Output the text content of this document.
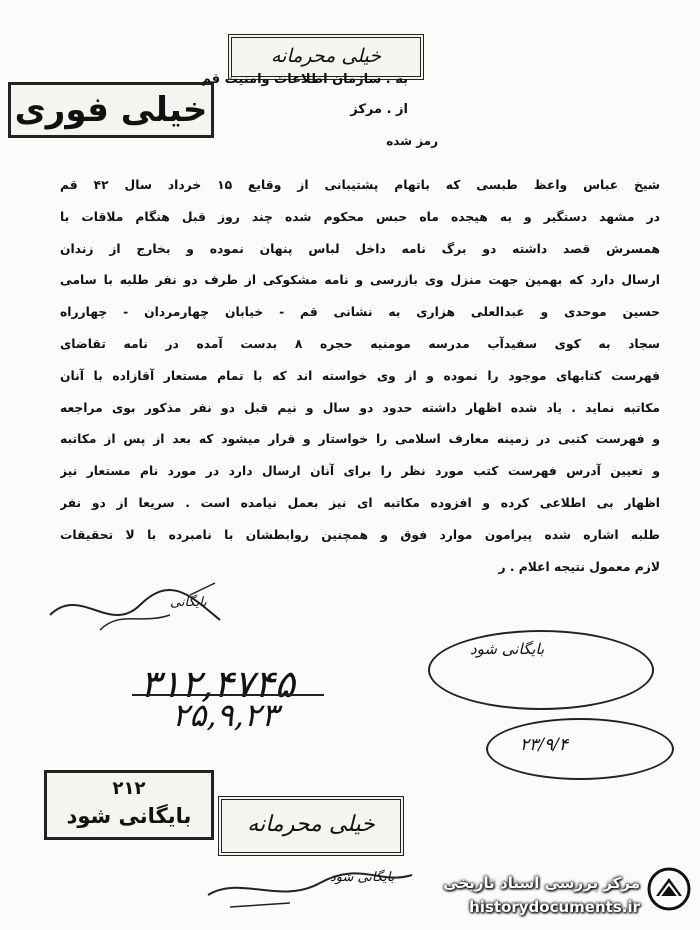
خیلی محرمانه
خیلی فوری
به . سازمان اطلاعات وامنیت قم
از . مرکز
رمز شده
شیخ عباس واعظ طبسی که باتهام پشتیبانی از وقایع ۱۵ خرداد سال ۴۲ قم
در مشهد دستگیر و به هیجده ماه حبس محکوم شده چند روز قبل هنگام ملاقات با
همسرش قصد داشته دو برگ نامه داخل لباس پنهان نموده و بخارج از زندان
ارسال دارد که بهمین جهت منزل وی بازرسی و نامه مشکوکی از طرف دو نفر طلبه با سامی
حسین موحدی و عبدالعلی هزاری به نشانی قم - خیابان چهارمردان - چهارراه
سجاد به کوی سفیدآب مدرسه مومنیه حجره ۸ بدست آمده در نامه تقاضای
فهرست کتابهای موجود را نموده و از وی خواسته اند که با تمام مستعار آقازاده با آنان
مکاتبه نماید . یاد شده اظهار داشته حدود دو سال و نیم قبل دو نفر مذکور بوی مراجعه
و فهرست کتبی در زمینه معارف اسلامی را خواستار و قرار میشود که بعد از پس از مکاتبه
و تعیین آدرس فهرست کتب مورد نظر را برای آنان ارسال دارد در مورد نام مستعار نیز
اظهار بی اطلاعی کرده و افزوده مکاتبه ای نیز بعمل نیامده است . سریعا از دو نفر
طلبه اشاره شده پیرامون موارد فوق و همچنین روابطشان با نامبرده با لا تحقیقات
لازم معمول نتیجه اعلام . ر
بایگانی
۳۱۲,۴۷۴۵
۲۵,۹,۲۳
بایگانی شود
۲۳/۹/۴
۲۱۲
بایگانی شود	خیلی محرمانه
بایگانی شود	مرکز بررسی اسناد تاریخی
historydocuments.ir
